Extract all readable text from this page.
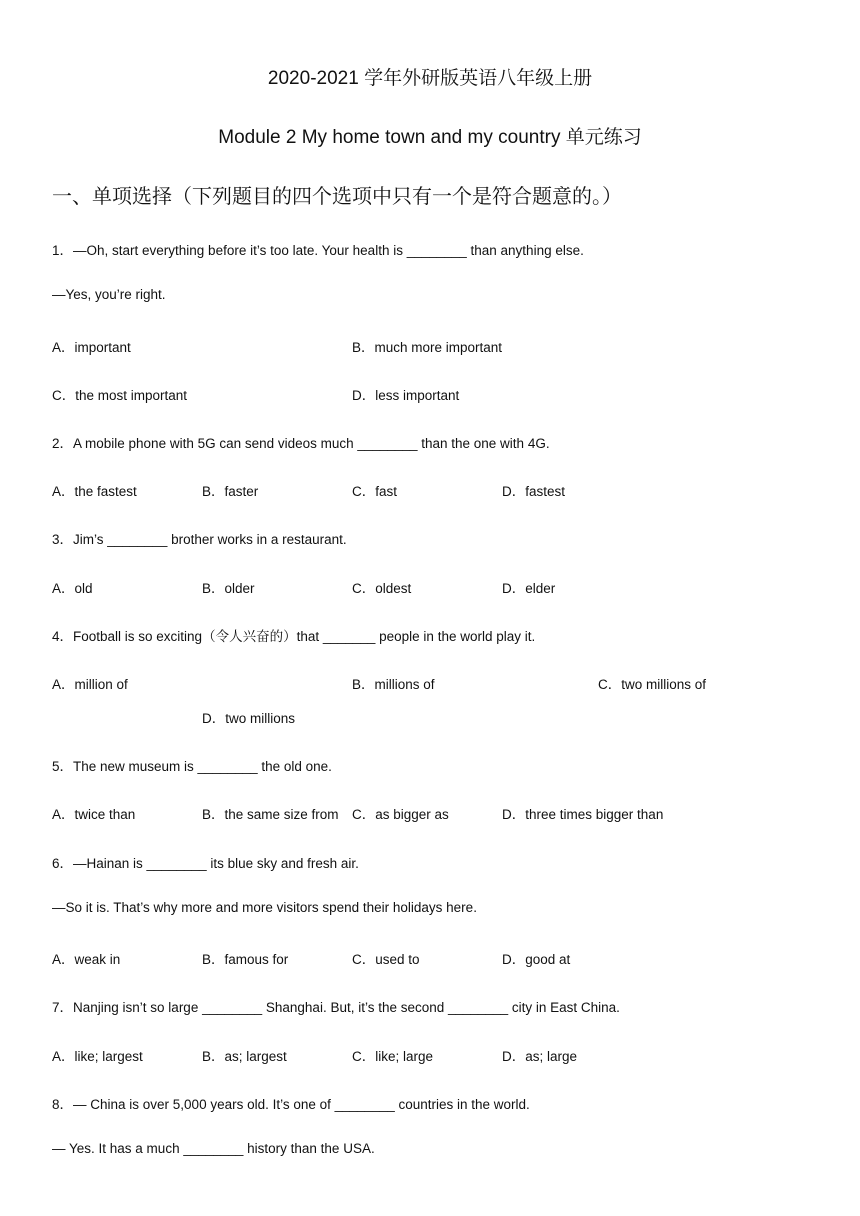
2020-2021 学年外研版英语八年级上册
Module 2 My home town and my country 单元练习
一、单项选择（下列题目的四个选项中只有一个是符合题意的。）
1．—Oh, start everything before it’s too late. Your health is ________ than anything else.
—Yes, you’re right.
A．important	B．much more important
C．the most important	D．less important
2．A mobile phone with 5G can send videos much ________ than the one with 4G.
A．the fastest	B．faster	C．fast	D．fastest
3．Jim’s ________ brother works in a restaurant.
A．old	B．older	C．oldest	D．elder
4．Football is so exciting（令人兴奋的）that _______ people in the world play it.
A．million of	B．millions of	C．two millions of
D．two millions
5．The new museum is ________ the old one.
A．twice than	B．the same size from C．as bigger as	D．three times bigger than
6．—Hainan is ________ its blue sky and fresh air.
—So it is. That’s why more and more visitors spend their holidays here.
A．weak in	B．famous for	C．used to	D．good at
7．Nanjing isn’t so large ________ Shanghai. But, it’s the second ________ city in East China.
A．like; largest	B．as; largest	C．like; large	D．as; large
8．— China is over 5,000 years old. It’s one of ________ countries in the world.
— Yes. It has a much ________ history than the USA.
